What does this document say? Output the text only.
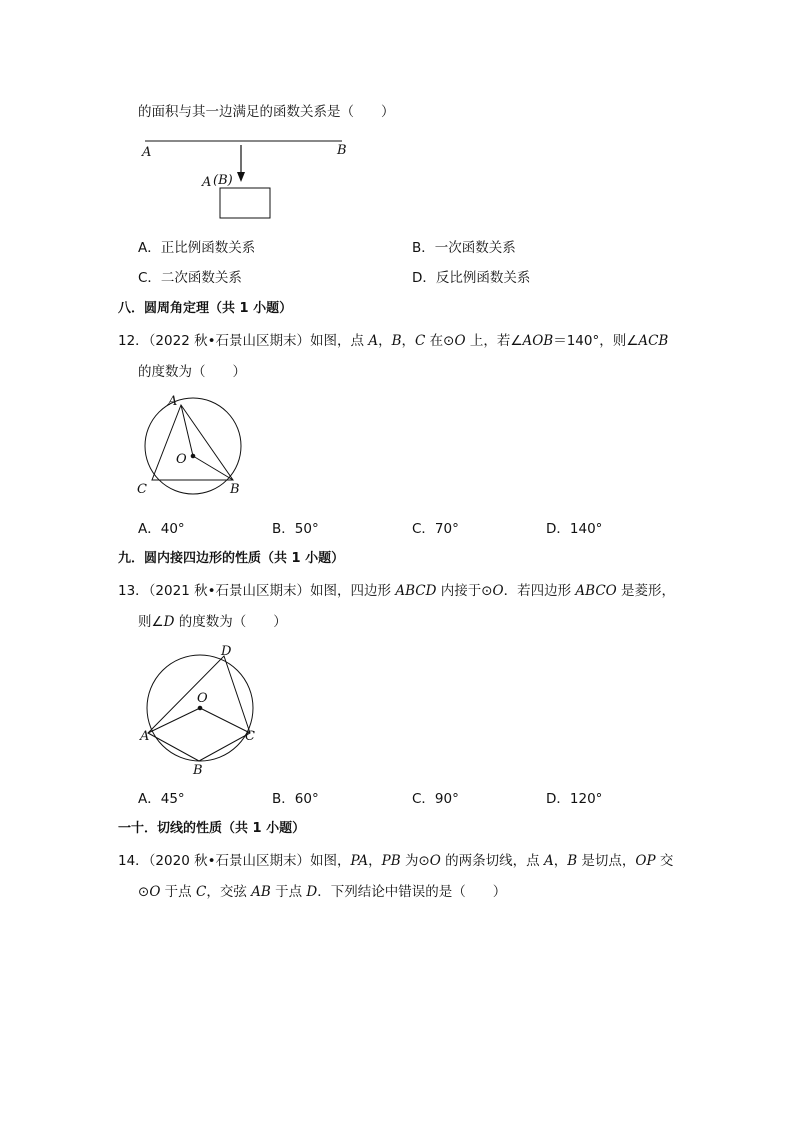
的面积与其一边满足的函数关系是（　　）
A	B
A (B)
A．正比例函数关系	B．一次函数关系
C．二次函数关系	D．反比例函数关系
八．圆周角定理（共 1 小题）
12．（2022 秋•石景山区期末）如图，点 A，B，C 在⊙O 上，若∠AOB＝140°，则∠ACB
的度数为（　　）
A
O
C	B
A．40°	B．50°	C．70°	D．140°
九．圆内接四边形的性质（共 1 小题）
13．（2021 秋•石景山区期末）如图，四边形 ABCD 内接于⊙O．若四边形 ABCO 是菱形，
则∠D 的度数为（　　）
D
O
A	C
B
A．45°	B．60°	C．90°	D．120°
一十．切线的性质（共 1 小题）
14．（2020 秋•石景山区期末）如图，PA，PB 为⊙O 的两条切线，点 A，B 是切点，OP 交
⊙O 于点 C，交弦 AB 于点 D．下列结论中错误的是（　　）
